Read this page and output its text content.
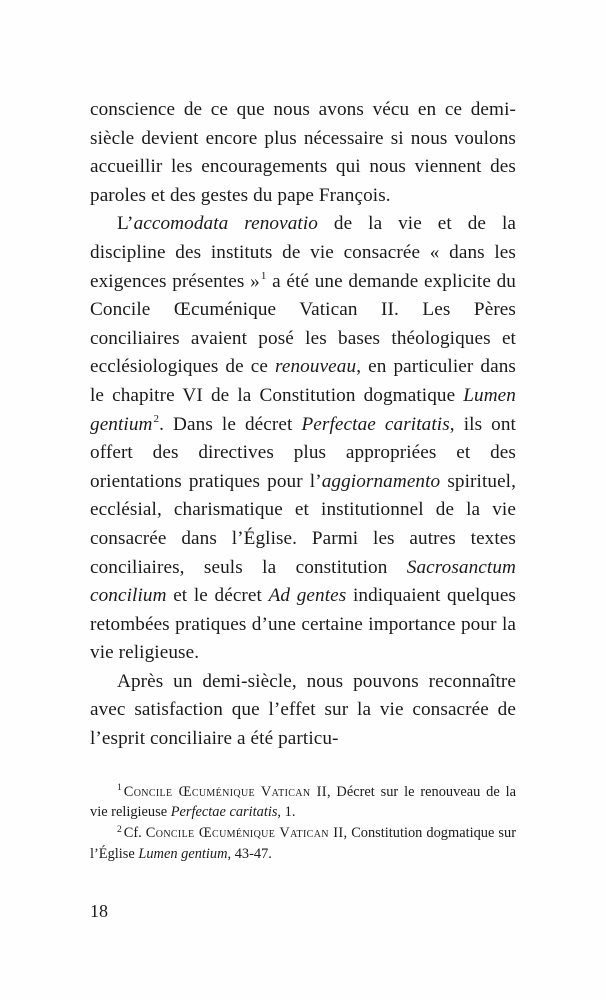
conscience de ce que nous avons vécu en ce demi-siècle devient encore plus nécessaire si nous voulons accueillir les encouragements qui nous viennent des paroles et des gestes du pape François.

L’accomodata renovatio de la vie et de la discipline des instituts de vie consacrée « dans les exigences présentes »$^1$ a été une demande explicite du Concile Œcuménique Vatican II. Les Pères conciliaires avaient posé les bases théologiques et ecclésiologiques de ce renouveau, en particulier dans le chapitre VI de la Constitution dogmatique Lumen gentium$^2$. Dans le décret Perfectae caritatis, ils ont offert des directives plus appropriées et des orientations pratiques pour l’aggiornamento spirituel, ecclésial, charismatique et institutionnel de la vie consacrée dans l’Église. Parmi les autres textes conciliaires, seuls la constitution Sacrosanctum concilium et le décret Ad gentes indiquaient quelques retombées pratiques d’une certaine importance pour la vie religieuse.

Après un demi-siècle, nous pouvons reconnaître avec satisfaction que l’effet sur la vie consacrée de l’esprit conciliaire a été particu-

$^1$ Concile Œcuménique Vatican II, Décret sur le renouveau de la vie religieuse Perfectae caritatis, 1.

$^2$ Cf. Concile Œcuménique Vatican II, Constitution dogmatique sur l’Église Lumen gentium, 43-47.

18
